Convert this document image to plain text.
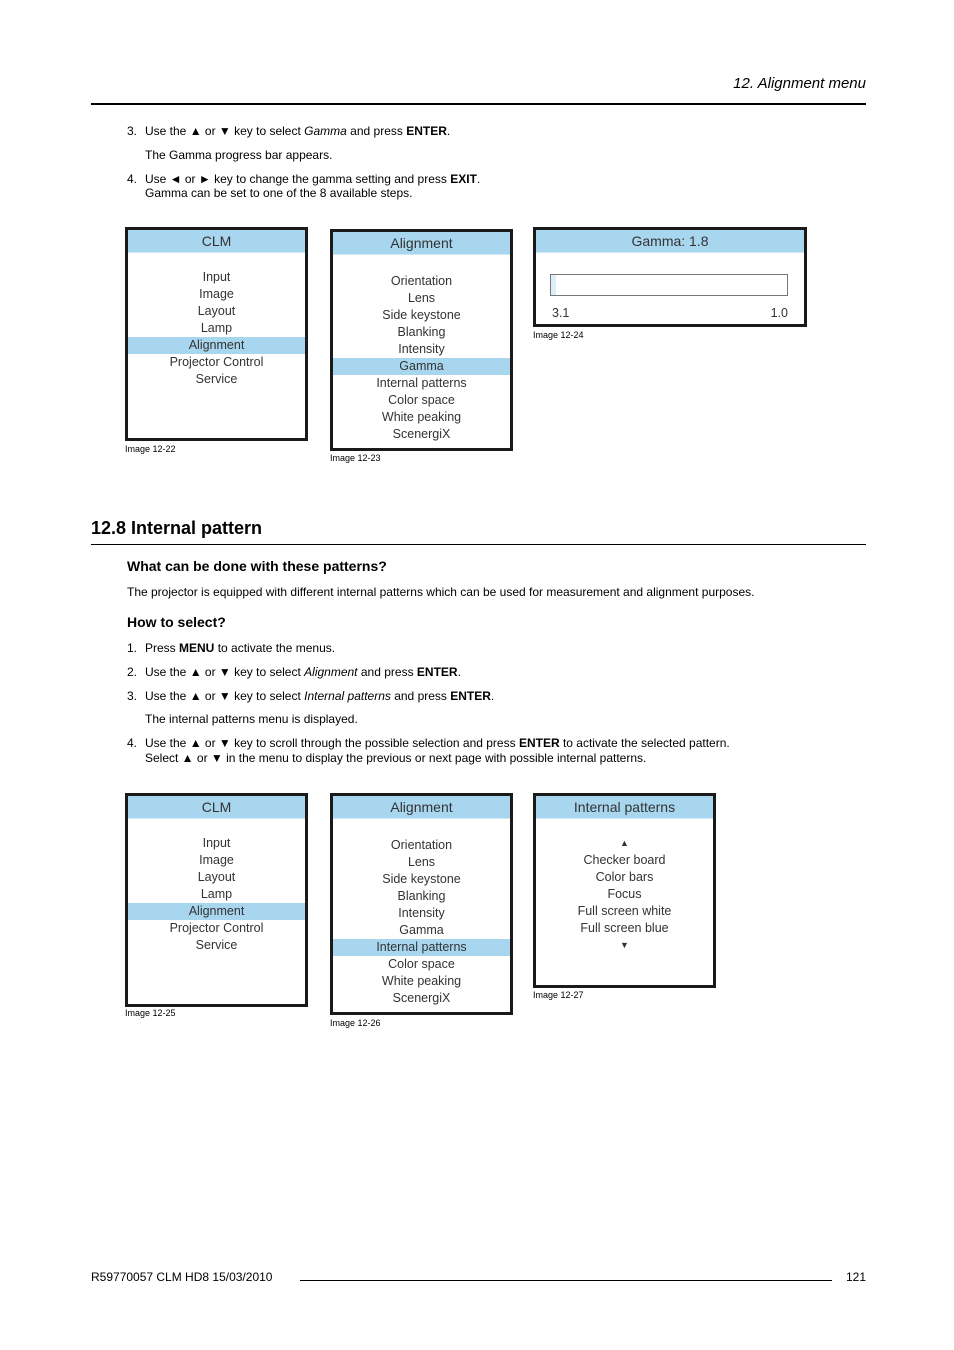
12. Alignment menu
3. Use the ▲ or ▼ key to select Gamma and press ENTER.
The Gamma progress bar appears.
4. Use ◄ or ► key to change the gamma setting and press EXIT.
Gamma can be set to one of the 8 available steps.
CLM
Input
Image
Layout
Lamp
Alignment
Projector Control
Service
Image 12-22
Alignment
Orientation
Lens
Side keystone
Blanking
Intensity
Gamma
Internal patterns
Color space
White peaking
ScenergiX
Image 12-23
Gamma: 1.8
3.1	1.0
Image 12-24
12.8 Internal pattern
What can be done with these patterns?
The projector is equipped with different internal patterns which can be used for measurement and alignment purposes.
How to select?
1. Press MENU to activate the menus.
2. Use the ▲ or ▼ key to select Alignment and press ENTER.
3. Use the ▲ or ▼ key to select Internal patterns and press ENTER.
The internal patterns menu is displayed.
4. Use the ▲ or ▼ key to scroll through the possible selection and press ENTER to activate the selected pattern.
Select ▲ or ▼ in the menu to display the previous or next page with possible internal patterns.
CLM
Input
Image
Layout
Lamp
Alignment
Projector Control
Service
Image 12-25
Alignment
Orientation
Lens
Side keystone
Blanking
Intensity
Gamma
Internal patterns
Color space
White peaking
ScenergiX
Image 12-26
Internal patterns
▲
Checker board
Color bars
Focus
Full screen white
Full screen blue
▼
Image 12-27
R59770057 CLM HD8 15/03/2010	121
